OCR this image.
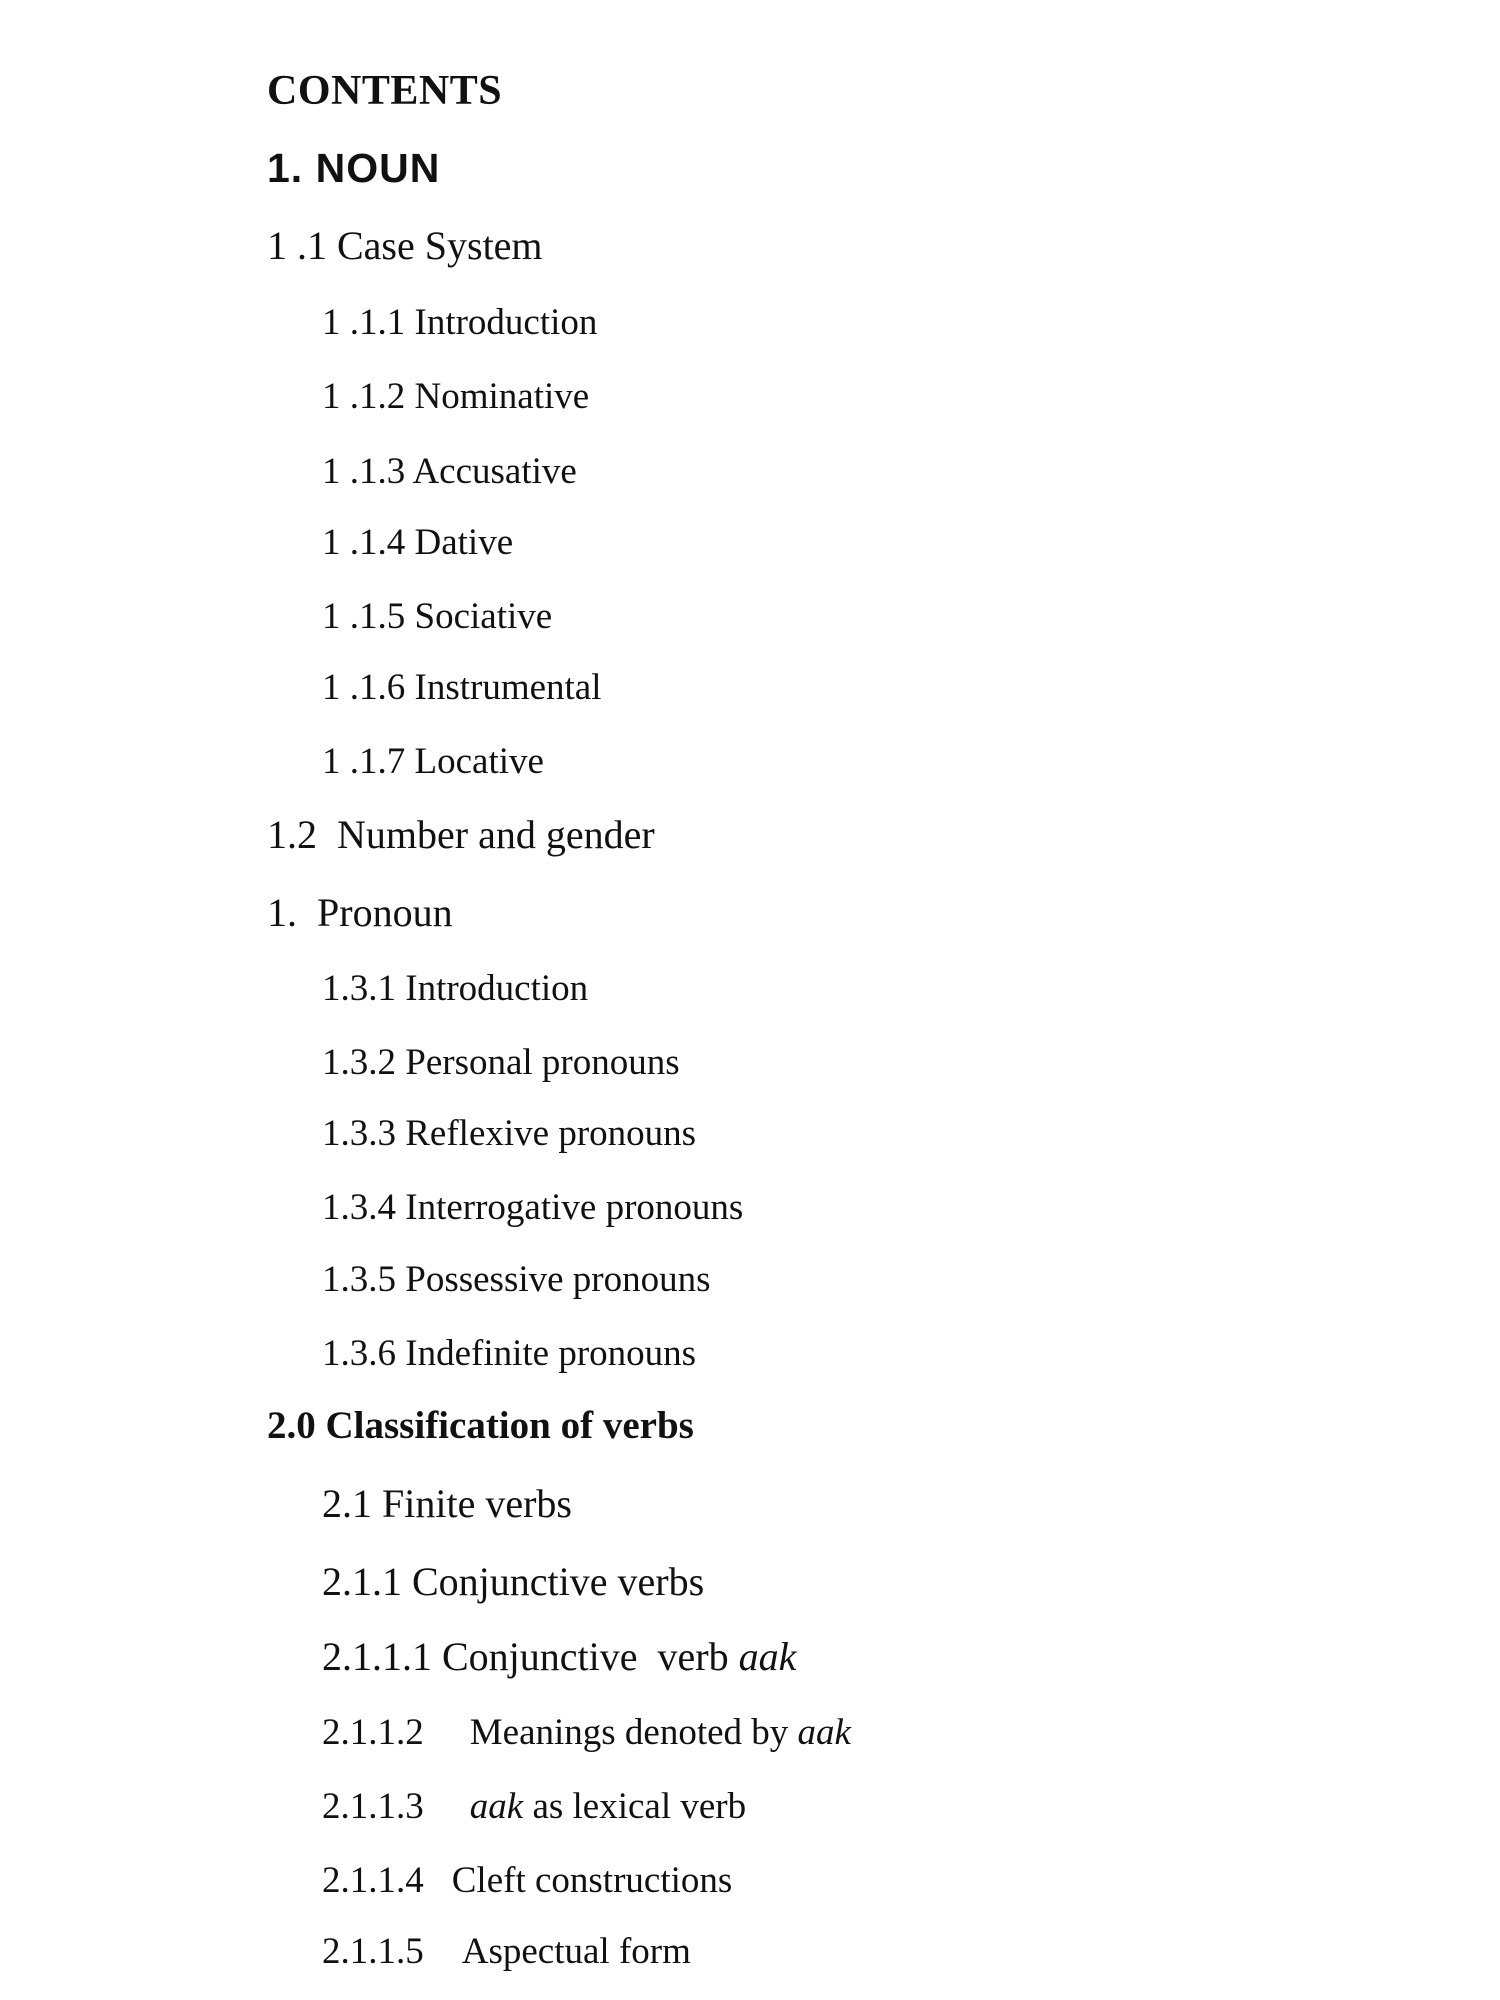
CONTENTS
1. NOUN
1 .1 Case System
1 .1.1 Introduction
1 .1.2 Nominative
1 .1.3 Accusative
1 .1.4 Dative
1 .1.5 Sociative
1 .1.6 Instrumental
1 .1.7 Locative
1.2  Number and gender
1.  Pronoun
1.3.1 Introduction
1.3.2 Personal pronouns
1.3.3 Reflexive pronouns
1.3.4 Interrogative pronouns
1.3.5 Possessive pronouns
1.3.6 Indefinite pronouns
2.0 Classification of verbs
2.1 Finite verbs
2.1.1 Conjunctive verbs
2.1.1.1 Conjunctive  verb aak
2.1.1.2 Meanings denoted by aak
2.1.1.3 aak as lexical verb
2.1.1.4 Cleft constructions
2.1.1.5 Aspectual form
